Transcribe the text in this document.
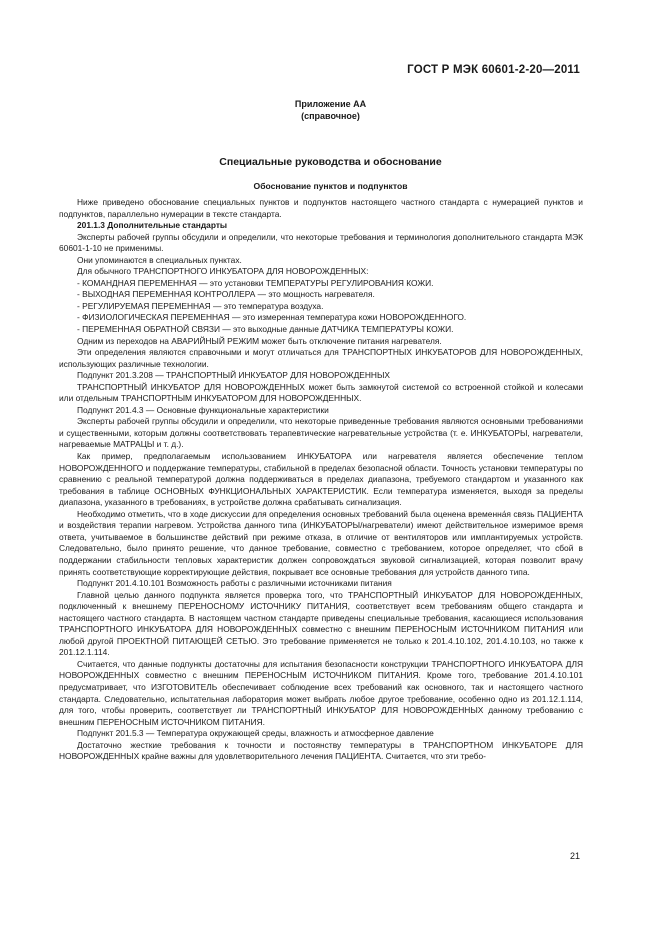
ГОСТ Р МЭК 60601-2-20—2011
Приложение АА
(справочное)
Специальные руководства и обоснование
Обоснование пунктов и подпунктов

Ниже приведено обоснование специальных пунктов и подпунктов настоящего частного стандарта с нумерацией пунктов и подпунктов, параллельно нумерации в тексте стандарта.

201.1.3 Дополнительные стандарты

Эксперты рабочей группы обсудили и определили, что некоторые требования и терминология дополнительного стандарта МЭК 60601-1-10 не применимы.

Они упоминаются в специальных пунктах.

Для обычного ТРАНСПОРТНОГО ИНКУБАТОРА ДЛЯ НОВОРОЖДЕННЫХ:

- КОМАНДНАЯ ПЕРЕМЕННАЯ — это установки ТЕМПЕРАТУРЫ РЕГУЛИРОВАНИЯ КОЖИ.

- ВЫХОДНАЯ ПЕРЕМЕННАЯ КОНТРОЛЛЕРА — это мощность нагревателя.

- РЕГУЛИРУЕМАЯ ПЕРЕМЕННАЯ — это температура воздуха.

- ФИЗИОЛОГИЧЕСКАЯ ПЕРЕМЕННАЯ — это измеренная температура кожи НОВОРОЖДЕННОГО.

- ПЕРЕМЕННАЯ ОБРАТНОЙ СВЯЗИ — это выходные данные ДАТЧИКА ТЕМПЕРАТУРЫ КОЖИ.

Одним из переходов на АВАРИЙНЫЙ РЕЖИМ может быть отключение питания нагревателя.

Эти определения являются справочными и могут отличаться для ТРАНСПОРТНЫХ ИНКУБАТОРОВ ДЛЯ НОВОРОЖДЕННЫХ, использующих различные технологии.

Подпункт 201.3.208 — ТРАНСПОРТНЫЙ ИНКУБАТОР ДЛЯ НОВОРОЖДЕННЫХ

ТРАНСПОРТНЫЙ ИНКУБАТОР ДЛЯ НОВОРОЖДЕННЫХ может быть замкнутой системой со встроенной стойкой и колесами или отдельным ТРАНСПОРТНЫМ ИНКУБАТОРОМ ДЛЯ НОВОРОЖДЕННЫХ.

Подпункт 201.4.3 — Основные функциональные характеристики

Эксперты рабочей группы обсудили и определили, что некоторые приведенные требования являются основными требованиями и существенными, которым должны соответствовать терапевтические нагревательные устройства (т. е. ИНКУБАТОРЫ, нагреватели, нагреваемые МАТРАЦЫ и т. д.).

Как пример, предполагаемым использованием ИНКУБАТОРА или нагревателя является обеспечение теплом НОВОРОЖДЕННОГО и поддержание температуры, стабильной в пределах безопасной области. Точность установки температуры по сравнению с реальной температурой должна поддерживаться в пределах диапазона, требуемого стандартом и указанного как требования в таблице ОСНОВНЫХ ФУНКЦИОНАЛЬНЫХ ХАРАКТЕРИСТИК. Если температура изменяется, выходя за пределы диапазона, указанного в требованиях, в устройстве должна срабатывать сигнализация.

Необходимо отметить, что в ходе дискуссии для определения основных требований была оценена временна́я связь ПАЦИЕНТА и воздействия терапии нагревом. Устройства данного типа (ИНКУБАТОРЫ/нагреватели) имеют действительное измеримое время ответа, учитываемое в большинстве действий при режиме отказа, в отличие от вентиляторов или имплантируемых устройств. Следовательно, было принято решение, что данное требование, совместно с требованием, которое определяет, что сбой в поддержании стабильности тепловых характеристик должен сопровождаться звуковой сигнализацией, которая позволит врачу принять соответствующие корректирующие действия, покрывает все основные требования для устройств данного типа.

Подпункт 201.4.10.101 Возможность работы с различными источниками питания

Главной целью данного подпункта является проверка того, что ТРАНСПОРТНЫЙ ИНКУБАТОР ДЛЯ НОВОРОЖДЕННЫХ, подключенный к внешнему ПЕРЕНОСНОМУ ИСТОЧНИКУ ПИТАНИЯ, соответствует всем требованиям общего стандарта и настоящего частного стандарта. В настоящем частном стандарте приведены специальные требования, касающиеся использования ТРАНСПОРТНОГО ИНКУБАТОРА ДЛЯ НОВОРОЖДЕННЫХ совместно с внешним ПЕРЕНОСНЫМ ИСТОЧНИКОМ ПИТАНИЯ или любой другой ПРОЕКТНОЙ ПИТАЮЩЕЙ СЕТЬЮ. Это требование применяется не только к 201.4.10.102, 201.4.10.103, но также к 201.12.1.114.

Считается, что данные подпункты достаточны для испытания безопасности конструкции ТРАНСПОРТНОГО ИНКУБАТОРА ДЛЯ НОВОРОЖДЕННЫХ совместно с внешним ПЕРЕНОСНЫМ ИСТОЧНИКОМ ПИТАНИЯ. Кроме того, требование 201.4.10.101 предусматривает, что ИЗГОТОВИТЕЛЬ обеспечивает соблюдение всех требований как основного, так и настоящего частного стандарта. Следовательно, испытательная лаборатория может выбрать любое другое требование, особенно одно из 201.12.1.114, для того, чтобы проверить, соответствует ли ТРАНСПОРТНЫЙ ИНКУБАТОР ДЛЯ НОВОРОЖДЕННЫХ данному требованию с внешним ПЕРЕНОСНЫМ ИСТОЧНИКОМ ПИТАНИЯ.

Подпункт 201.5.3 — Температура окружающей среды, влажность и атмосферное давление

Достаточно жесткие требования к точности и постоянству температуры в ТРАНСПОРТНОМ ИНКУБАТОРЕ ДЛЯ НОВОРОЖДЕННЫХ крайне важны для удовлетворительного лечения ПАЦИЕНТА. Считается, что эти требо-

21
